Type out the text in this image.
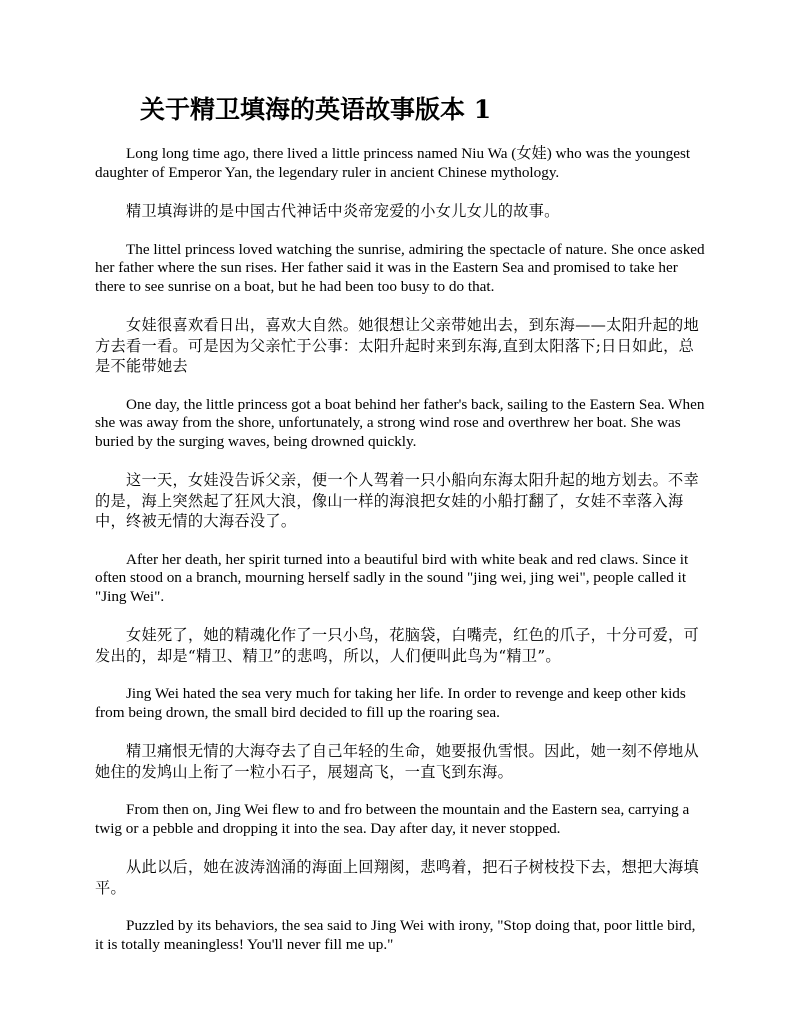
关于精卫填海的英语故事版本 1

Long long time ago, there lived a little princess named Niu Wa (女娃) who was the youngest daughter of Emperor Yan, the legendary ruler in ancient Chinese mythology.

精卫填海讲的是中国古代神话中炎帝宠爱的小女儿女儿的故事。

The littel princess loved watching the sunrise, admiring the spectacle of nature. She once asked her father where the sun rises. Her father said it was in the Eastern Sea and promised to take her there to see sunrise on a boat, but he had been too busy to do that.

女娃很喜欢看日出，喜欢大自然。她很想让父亲带她出去，到东海——太阳升起的地方去看一看。可是因为父亲忙于公事：太阳升起时来到东海,直到太阳落下;日日如此，总是不能带她去

One day, the little princess got a boat behind her father's back, sailing to the Eastern Sea. When she was away from the shore, unfortunately, a strong wind rose and overthrew her boat. She was buried by the surging waves, being drowned quickly.

这一天，女娃没告诉父亲，便一个人驾着一只小船向东海太阳升起的地方划去。不幸的是，海上突然起了狂风大浪，像山一样的海浪把女娃的小船打翻了，女娃不幸落入海中，终被无情的大海吞没了。

After her death, her spirit turned into a beautiful bird with white beak and red claws. Since it often stood on a branch, mourning herself sadly in the sound "jing wei, jing wei", people called it "Jing Wei".

女娃死了，她的精魂化作了一只小鸟，花脑袋，白嘴壳，红色的爪子，十分可爱，可发出的，却是“精卫、精卫”的悲鸣，所以，人们便叫此鸟为“精卫”。

Jing Wei hated the sea very much for taking her life. In order to revenge and keep other kids from being drown, the small bird decided to fill up the roaring sea.

精卫痛恨无情的大海夺去了自己年轻的生命，她要报仇雪恨。因此，她一刻不停地从她住的发鸠山上衔了一粒小石子，展翅高飞，一直飞到东海。

From then on, Jing Wei flew to and fro between the mountain and the Eastern sea, carrying a twig or a pebble and dropping it into the sea. Day after day, it never stopped.

从此以后，她在波涛汹涌的海面上回翔阂，悲鸣着，把石子树枝投下去，想把大海填平。

Puzzled by its behaviors, the sea said to Jing Wei with irony, "Stop doing that, poor little bird, it is totally meaningless! You'll never fill me up."
